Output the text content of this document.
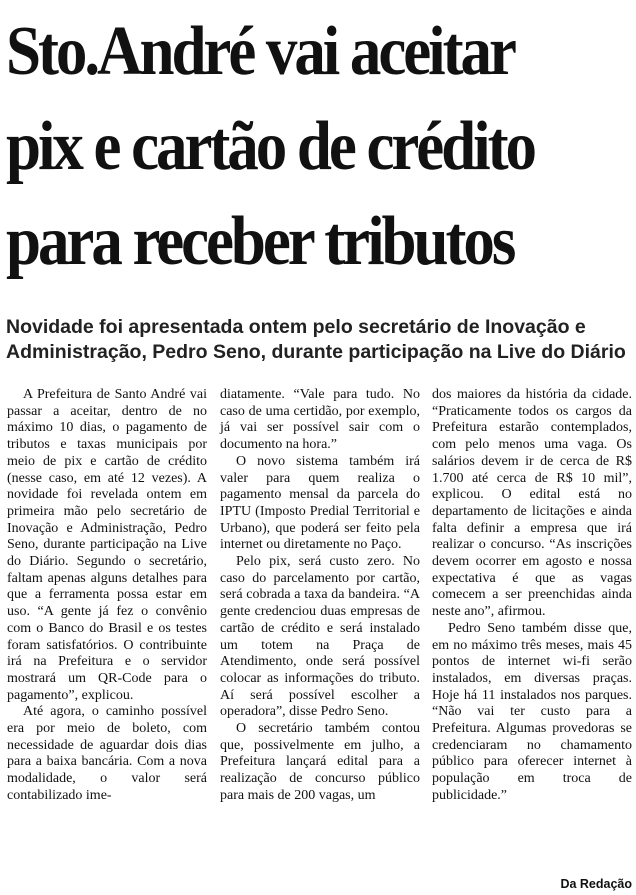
Sto.André vai aceitar
pix e cartão de crédito
para receber tributos
Novidade foi apresentada ontem pelo secretário de Inovação e
Administração, Pedro Seno, durante participação na Live do Diário

A Prefeitura de Santo André vai passar a aceitar, dentro de no máximo 10 dias, o pagamento de tributos e taxas municipais por meio de pix e cartão de crédito (nesse caso, em até 12 vezes). A novidade foi revelada ontem em primeira mão pelo secretário de Inovação e Administração, Pedro Seno, durante participação na Live do Diário. Segundo o secretário, faltam apenas alguns detalhes para que a ferramenta possa estar em uso. “A gente já fez o convênio com o Banco do Brasil e os testes foram satisfatórios. O contribuinte irá na Prefeitura e o servidor mostrará um QR-Code para o pagamento”, explicou.

Até agora, o caminho possível era por meio de boleto, com necessidade de aguardar dois dias para a baixa bancária. Com a nova modalidade, o valor será contabilizado ime-

diatamente. “Vale para tudo. No caso de uma certidão, por exemplo, já vai ser possível sair com o documento na hora.”

O novo sistema também irá valer para quem realiza o pagamento mensal da parcela do IPTU (Imposto Predial Territorial e Urbano), que poderá ser feito pela internet ou diretamente no Paço.

Pelo pix, será custo zero. No caso do parcelamento por cartão, será cobrada a taxa da bandeira. “A gente credenciou duas empresas de cartão de crédito e será instalado um totem na Praça de Atendimento, onde será possível colocar as informações do tributo. Aí será possível escolher a operadora”, disse Pedro Seno.

O secretário também contou que, possivelmente em julho, a Prefeitura lançará edital para a realização de concurso público para mais de 200 vagas, um

dos maiores da história da cidade. “Praticamente todos os cargos da Prefeitura estarão contemplados, com pelo menos uma vaga. Os salários devem ir de cerca de R$ 1.700 até cerca de R$ 10 mil”, explicou. O edital está no departamento de licitações e ainda falta definir a empresa que irá realizar o concurso. “As inscrições devem ocorrer em agosto e nossa expectativa é que as vagas comecem a ser preenchidas ainda neste ano”, afirmou.

Pedro Seno também disse que, em no máximo três meses, mais 45 pontos de internet wi-fi serão instalados, em diversas praças. Hoje há 11 instalados nos parques. “Não vai ter custo para a Prefeitura. Algumas provedoras se credenciaram no chamamento público para oferecer internet à população em troca de publicidade.”

Da Redação
